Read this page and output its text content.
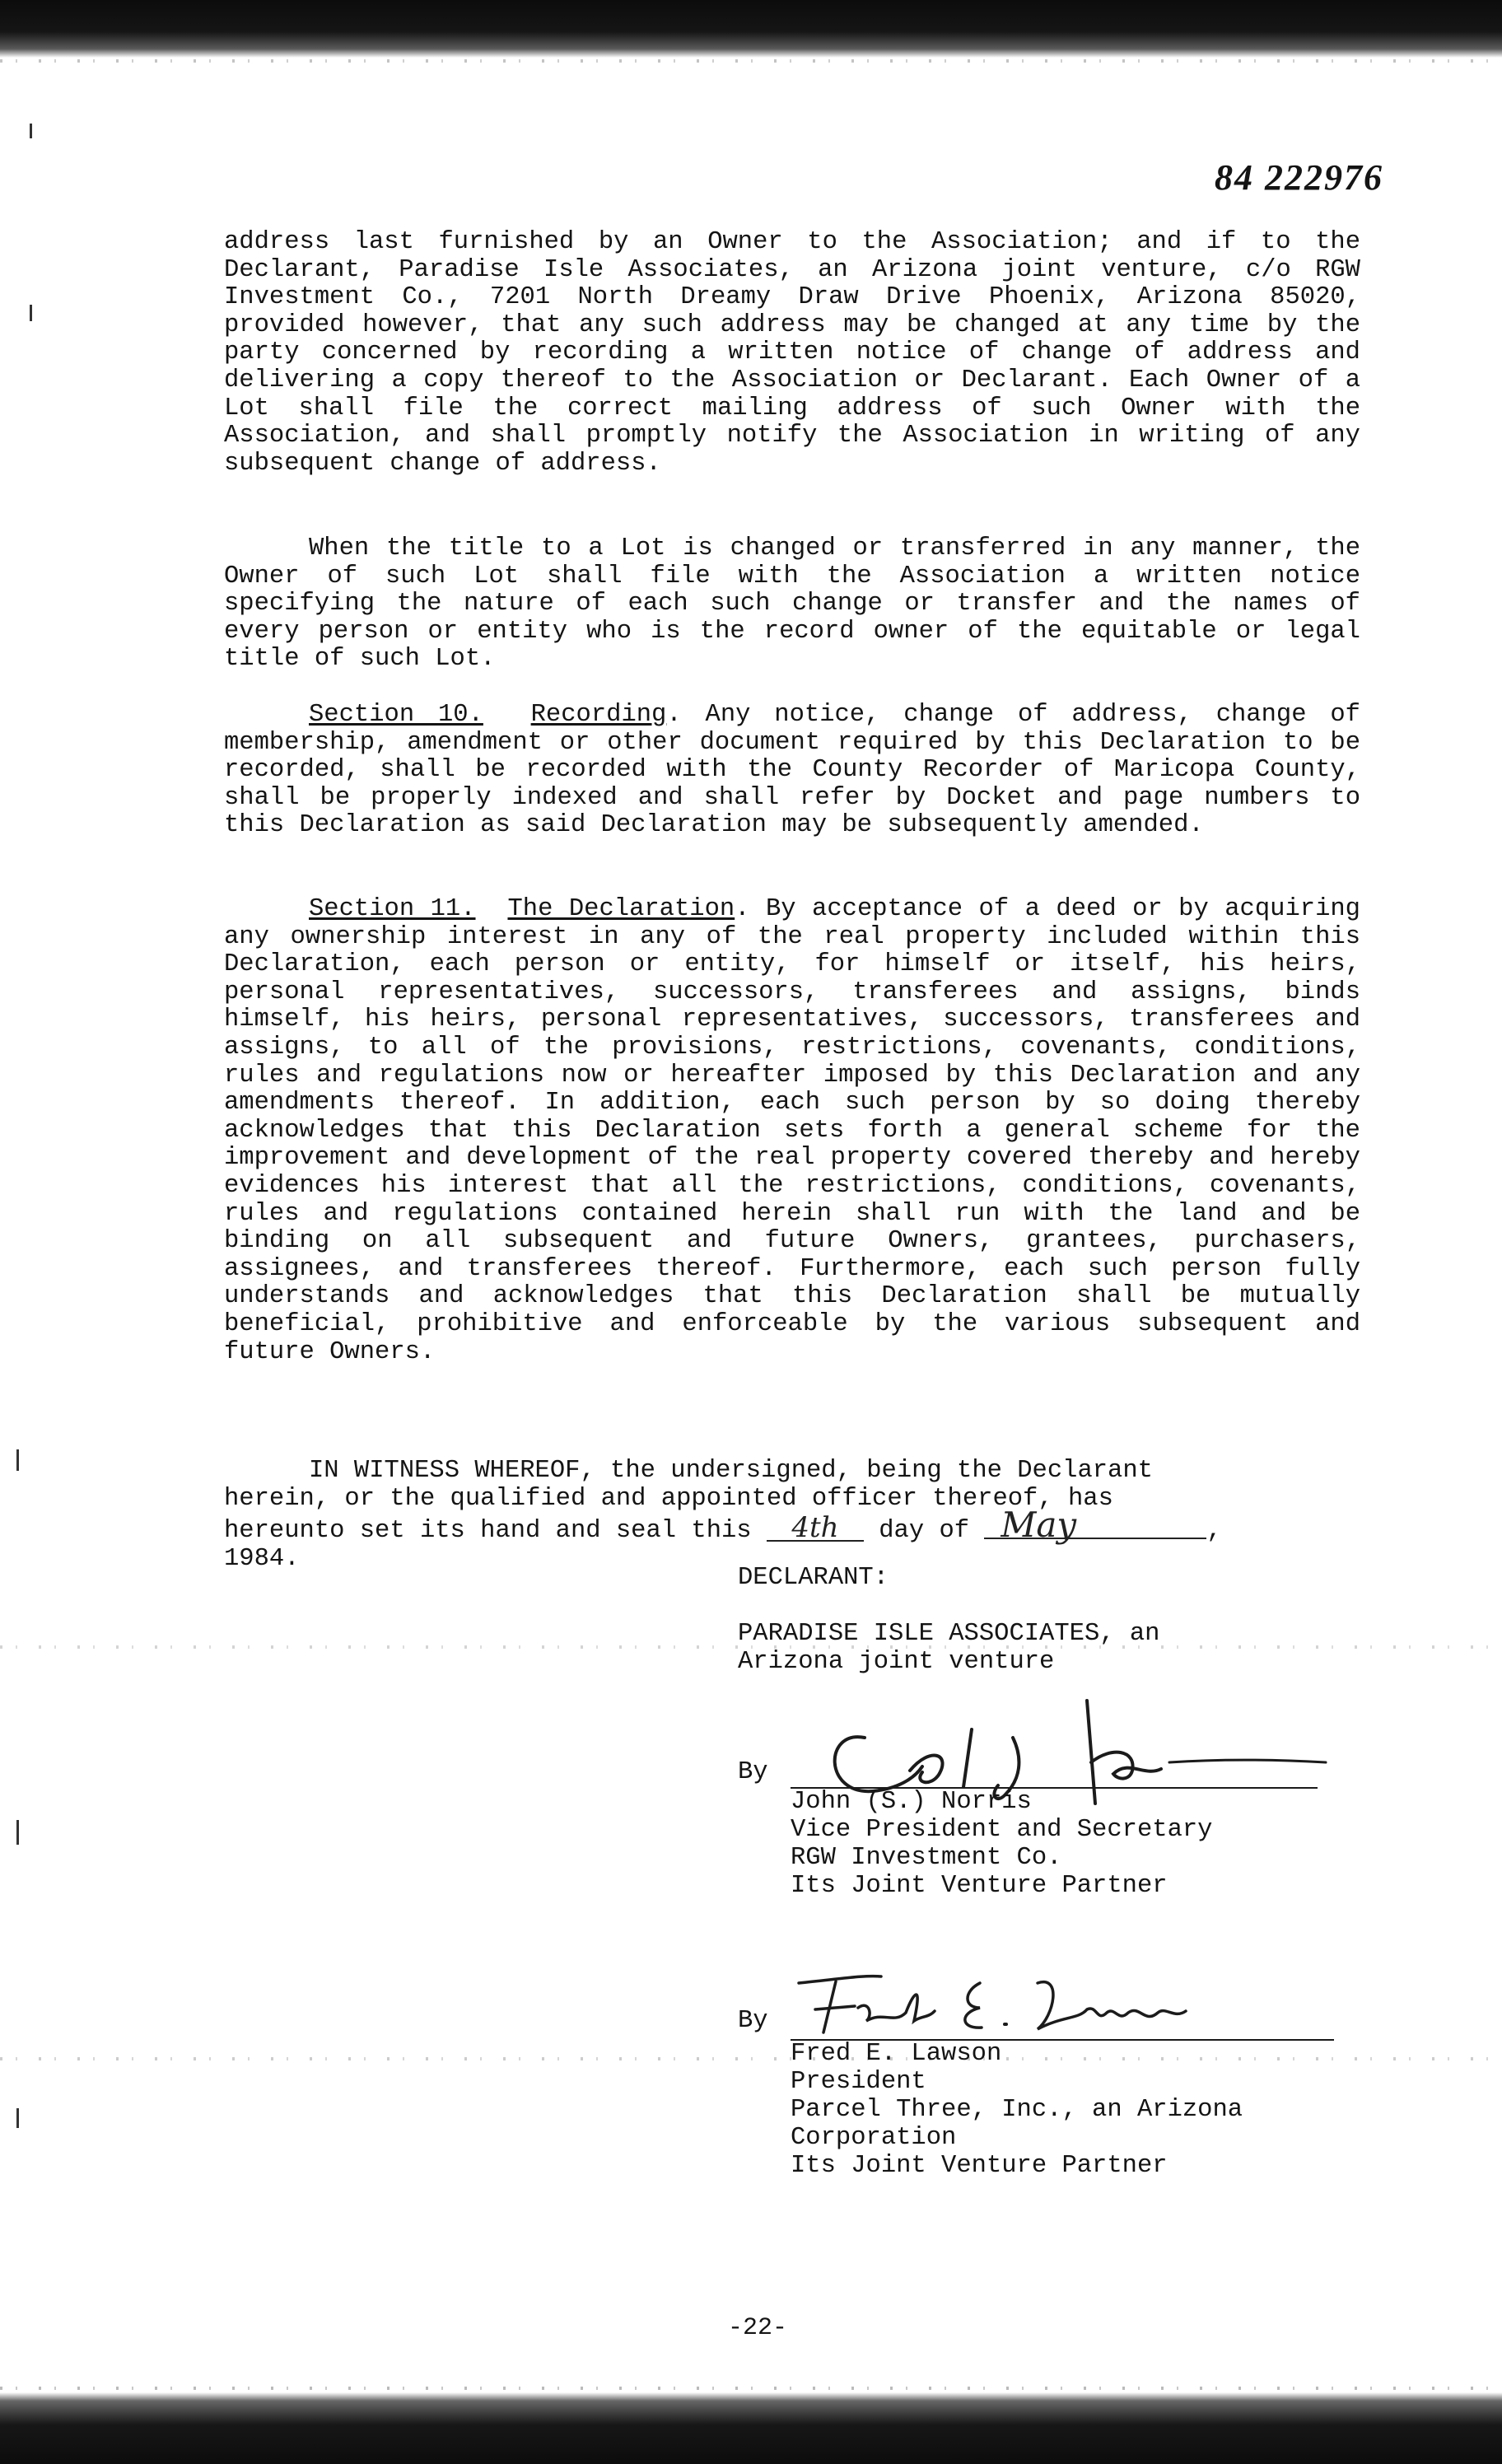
84 222976

address last furnished by an Owner to the Association; and if to the Declarant, Paradise Isle Associates, an Arizona joint venture, c/o RGW Investment Co., 7201 North Dreamy Draw Drive Phoenix, Arizona 85020, provided however, that any such address may be changed at any time by the party concerned by recording a written notice of change of address and delivering a copy thereof to the Association or Declarant. Each Owner of a Lot shall file the correct mailing address of such Owner with the Association, and shall promptly notify the Association in writing of any subsequent change of address.

When the title to a Lot is changed or transferred in any manner, the Owner of such Lot shall file with the Association a written notice specifying the nature of each such change or transfer and the names of every person or entity who is the record owner of the equitable or legal title of such Lot.

Section 10. Recording. Any notice, change of address, change of membership, amendment or other document required by this Declaration to be recorded, shall be recorded with the County Recorder of Maricopa County, shall be properly indexed and shall refer by Docket and page numbers to this Declaration as said Declaration may be subsequently amended.

Section 11. The Declaration. By acceptance of a deed or by acquiring any ownership interest in any of the real property included within this Declaration, each person or entity, for himself or itself, his heirs, personal representatives, successors, transferees and assigns, binds himself, his heirs, personal representatives, successors, transferees and assigns, to all of the provisions, restrictions, covenants, conditions, rules and regulations now or hereafter imposed by this Declaration and any amendments thereof. In addition, each such person by so doing thereby acknowledges that this Declaration sets forth a general scheme for the improvement and development of the real property covered thereby and hereby evidences his interest that all the restrictions, conditions, covenants, rules and regulations contained herein shall run with the land and be binding on all subsequent and future Owners, grantees, purchasers, assignees, and transferees thereof. Furthermore, each such person fully understands and acknowledges that this Declaration shall be mutually beneficial, prohibitive and enforceable by the various subsequent and future Owners.

IN WITNESS WHEREOF, the undersigned, being the Declarant

herein, or the qualified and appointed officer thereof, has

hereunto set its hand and seal this 4th day of May	,

1984.

DECLARANT:
PARADISE ISLE ASSOCIATES, an
Arizona joint venture
By
John (S.) Norris
Vice President and Secretary
RGW Investment Co.
Its Joint Venture Partner
By
Fred E. Lawson
President
Parcel Three, Inc., an Arizona
Corporation
Its Joint Venture Partner
-22-
